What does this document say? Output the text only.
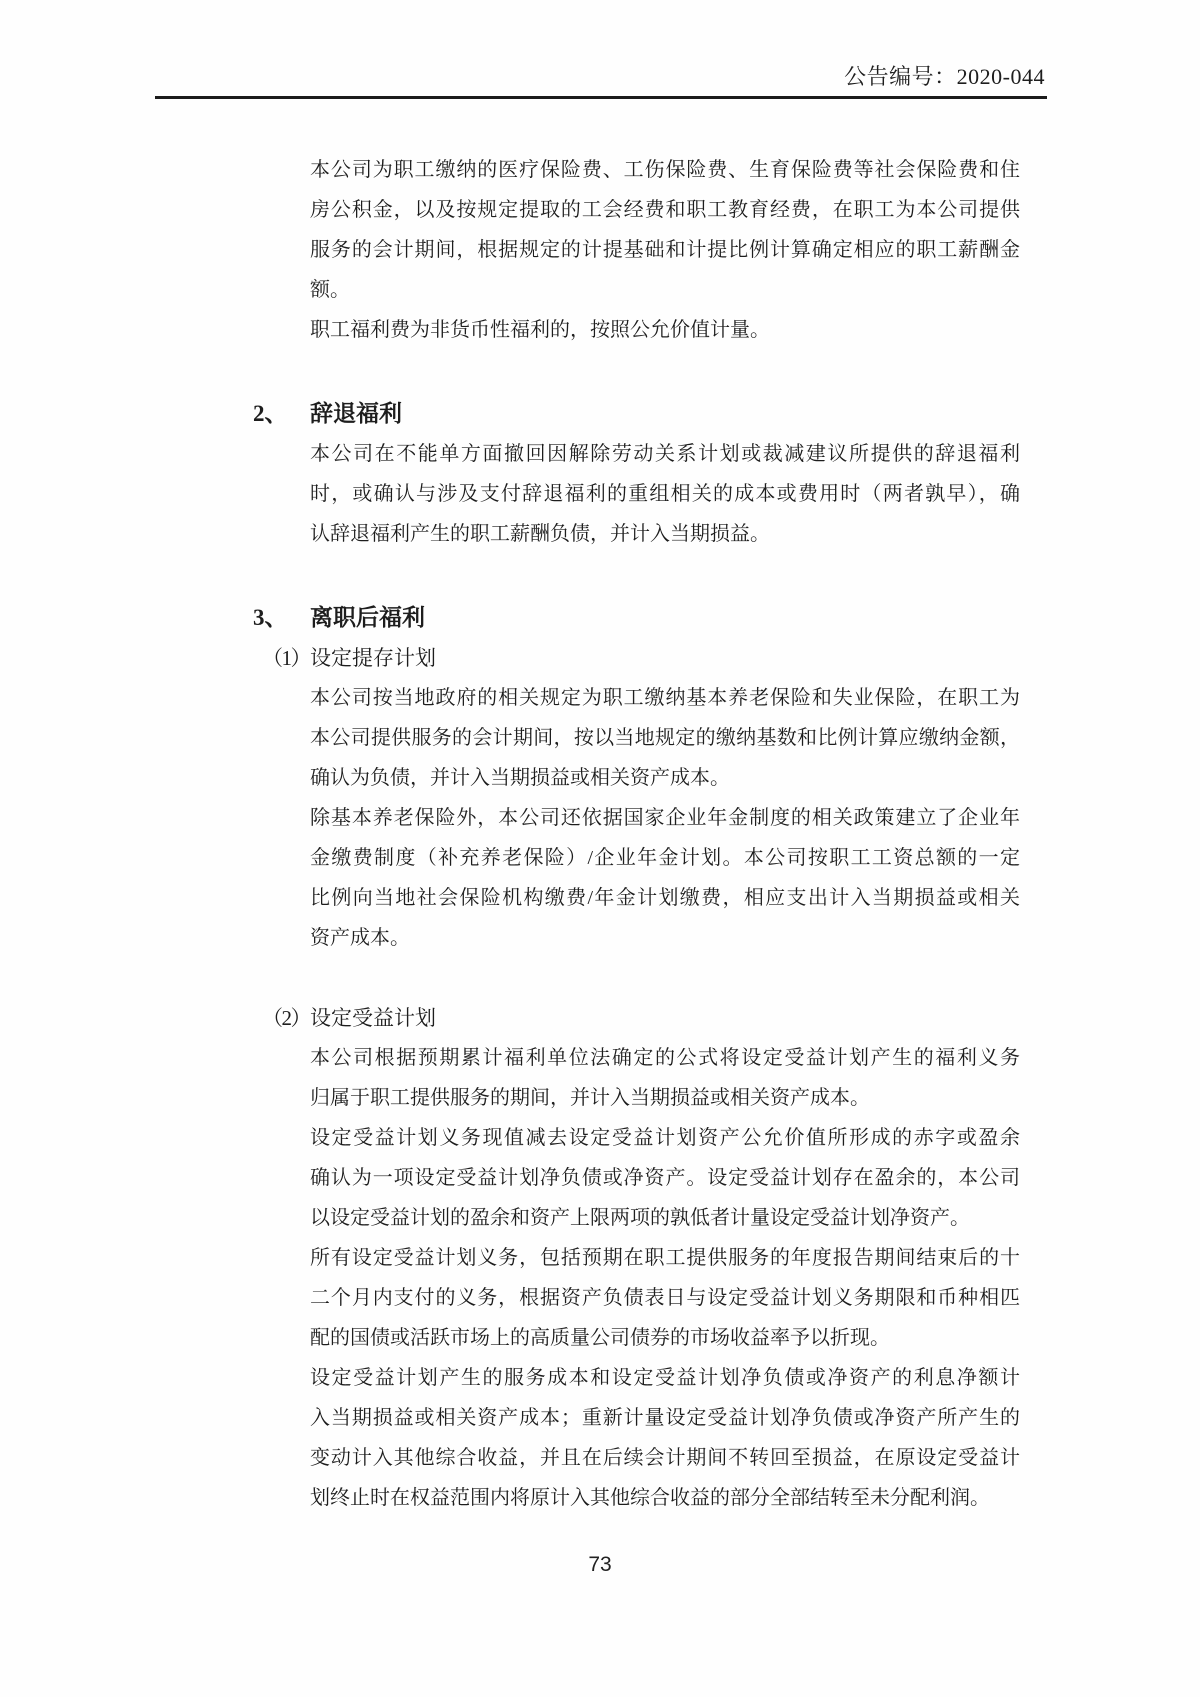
公告编号：2020-044
本公司为职工缴纳的医疗保险费、工伤保险费、生育保险费等社会保险费和住
房公积金，以及按规定提取的工会经费和职工教育经费，在职工为本公司提供
服务的会计期间，根据规定的计提基础和计提比例计算确定相应的职工薪酬金
额。
职工福利费为非货币性福利的，按照公允价值计量。
2、 辞退福利
本公司在不能单方面撤回因解除劳动关系计划或裁减建议所提供的辞退福利
时，或确认与涉及支付辞退福利的重组相关的成本或费用时（两者孰早），确
认辞退福利产生的职工薪酬负债，并计入当期损益。
3、 离职后福利
（1） 设定提存计划
本公司按当地政府的相关规定为职工缴纳基本养老保险和失业保险，在职工为
本公司提供服务的会计期间，按以当地规定的缴纳基数和比例计算应缴纳金额，
确认为负债，并计入当期损益或相关资产成本。
除基本养老保险外，本公司还依据国家企业年金制度的相关政策建立了企业年
金缴费制度（补充养老保险）/企业年金计划。本公司按职工工资总额的一定
比例向当地社会保险机构缴费/年金计划缴费，相应支出计入当期损益或相关
资产成本。
（2） 设定受益计划
本公司根据预期累计福利单位法确定的公式将设定受益计划产生的福利义务
归属于职工提供服务的期间，并计入当期损益或相关资产成本。
设定受益计划义务现值减去设定受益计划资产公允价值所形成的赤字或盈余
确认为一项设定受益计划净负债或净资产。设定受益计划存在盈余的，本公司
以设定受益计划的盈余和资产上限两项的孰低者计量设定受益计划净资产。
所有设定受益计划义务，包括预期在职工提供服务的年度报告期间结束后的十
二个月内支付的义务，根据资产负债表日与设定受益计划义务期限和币种相匹
配的国债或活跃市场上的高质量公司债券的市场收益率予以折现。
设定受益计划产生的服务成本和设定受益计划净负债或净资产的利息净额计
入当期损益或相关资产成本；重新计量设定受益计划净负债或净资产所产生的
变动计入其他综合收益，并且在后续会计期间不转回至损益，在原设定受益计
划终止时在权益范围内将原计入其他综合收益的部分全部结转至未分配利润。
73
